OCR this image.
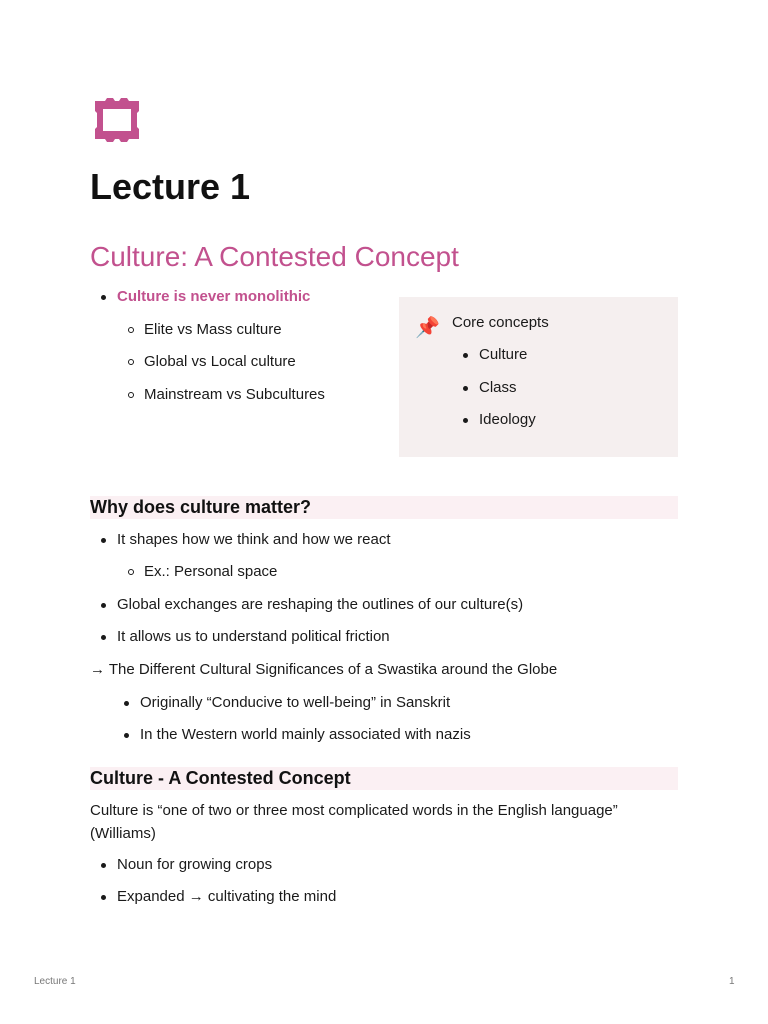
Lecture 1
Culture: A Contested Concept
Culture is never monolithic
Elite vs Mass culture
Global vs Local culture
Mainstream vs Subcultures
📌 Core concepts
Culture
Class
Ideology
Why does culture matter?
It shapes how we think and how we react
Ex.: Personal space
Global exchanges are reshaping the outlines of our culture(s)
It allows us to understand political friction
→ The Different Cultural Significances of a Swastika around the Globe
Originally “Conducive to well-being” in Sanskrit
In the Western world mainly associated with nazis
Culture - A Contested Concept
Culture is “one of two or three most complicated words in the English language” (Williams)
Noun for growing crops
Expanded → cultivating the mind
Lecture 1	1
